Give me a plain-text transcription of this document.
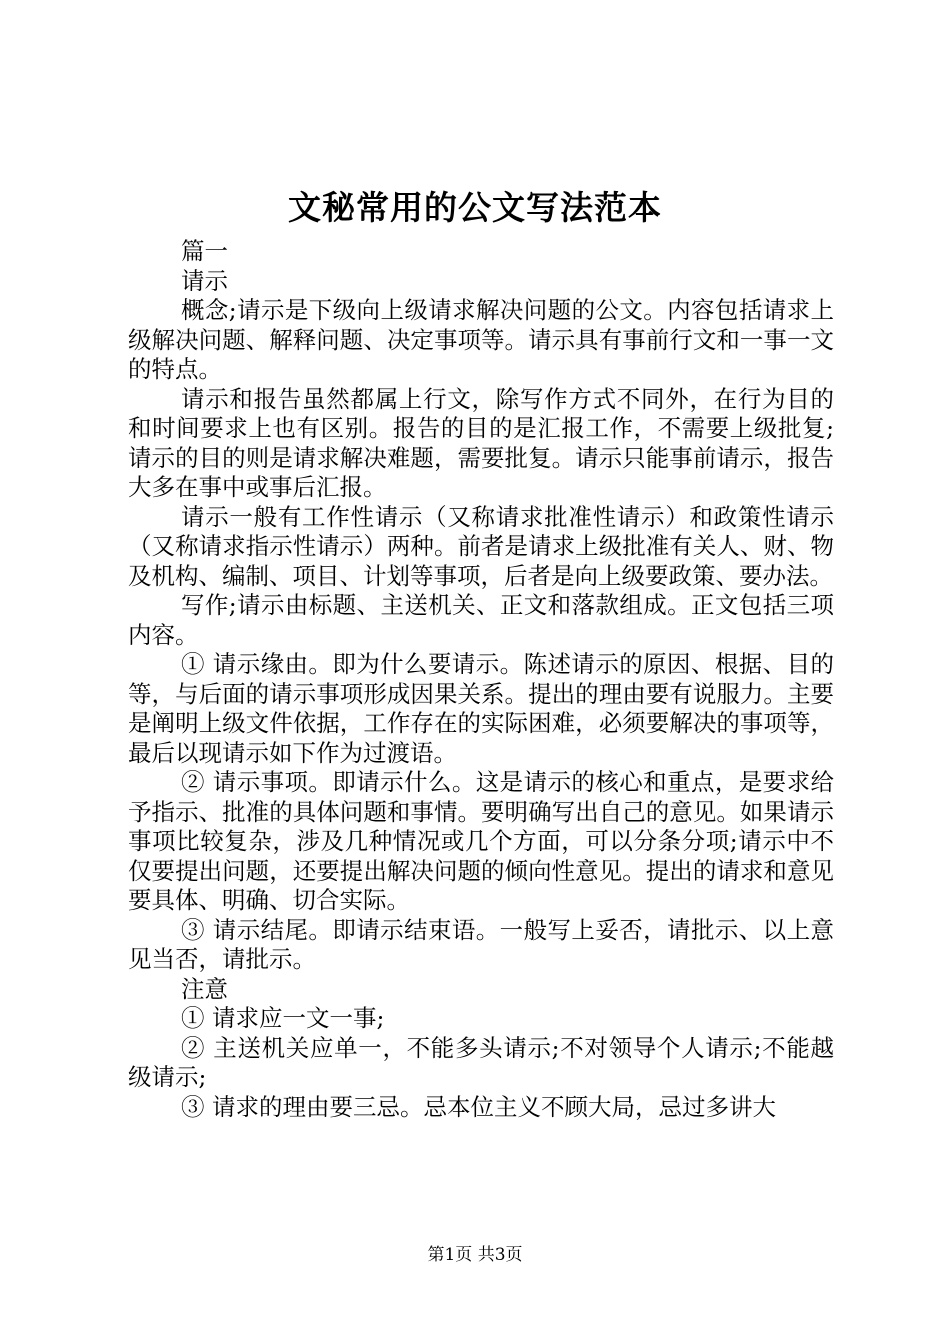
文秘常用的公文写法范本

篇一

请示

概念;请示是下级向上级请求解决问题的公文。内容包括请求上级解决问题、解释问题、决定事项等。请示具有事前行文和一事一文的特点。

请示和报告虽然都属上行文，除写作方式不同外，在行为目的和时间要求上也有区别。报告的目的是汇报工作，不需要上级批复;请示的目的则是请求解决难题，需要批复。请示只能事前请示，报告大多在事中或事后汇报。

请示一般有工作性请示（又称请求批准性请示）和政策性请示（又称请求指示性请示）两种。前者是请求上级批准有关人、财、物及机构、编制、项目、计划等事项，后者是向上级要政策、要办法。

写作;请示由标题、主送机关、正文和落款组成。正文包括三项内容。

① 请示缘由。即为什么要请示。陈述请示的原因、根据、目的等，与后面的请示事项形成因果关系。提出的理由要有说服力。主要是阐明上级文件依据，工作存在的实际困难，必须要解决的事项等，最后以现请示如下作为过渡语。

② 请示事项。即请示什么。这是请示的核心和重点，是要求给予指示、批准的具体问题和事情。要明确写出自己的意见。如果请示事项比较复杂，涉及几种情况或几个方面，可以分条分项;请示中不仅要提出问题，还要提出解决问题的倾向性意见。提出的请求和意见要具体、明确、切合实际。

③ 请示结尾。即请示结束语。一般写上妥否，请批示、以上意见当否，请批示。

注意

① 请求应一文一事;

② 主送机关应单一，不能多头请示;不对领导个人请示;不能越级请示;

③ 请求的理由要三忌。忌本位主义不顾大局，忌过多讲大

第1页 共3页
